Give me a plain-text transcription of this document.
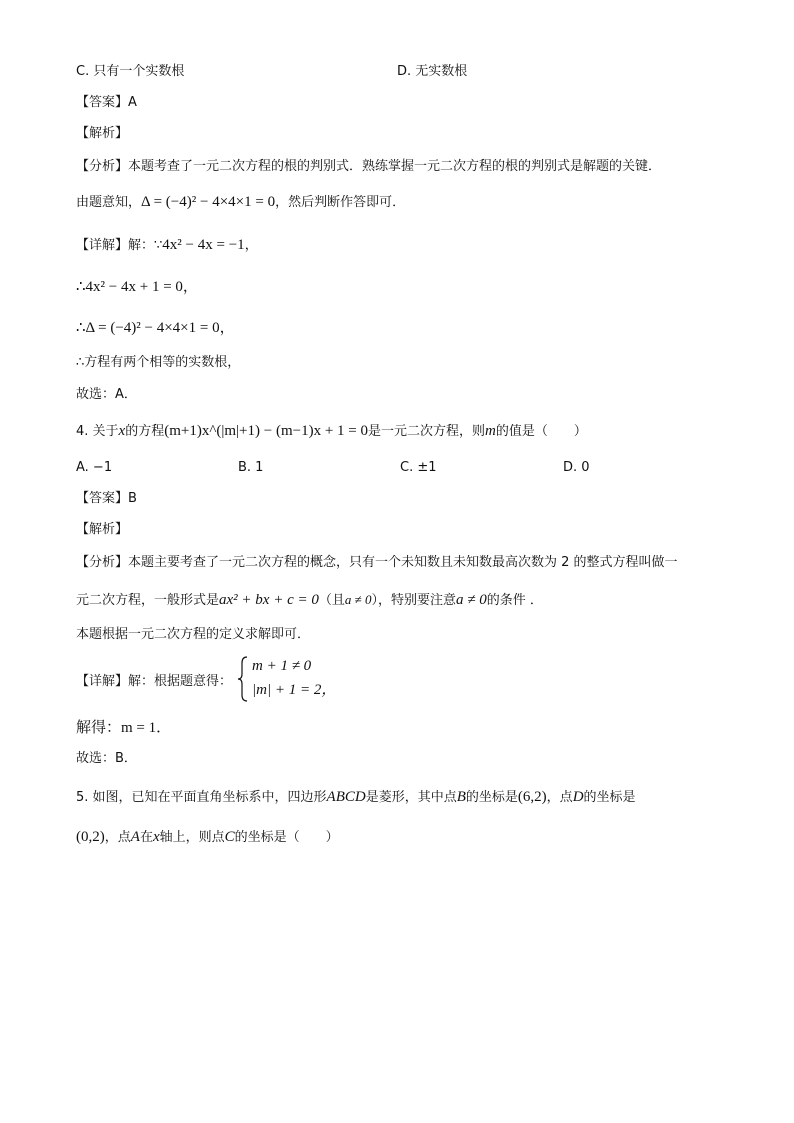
C. 只有一个实数根	D. 无实数根
【答案】A
【解析】
【分析】本题考查了一元二次方程的根的判别式．熟练掌握一元二次方程的根的判别式是解题的关键．
由题意知，Δ = (−4)² − 4×4×1 = 0，然后判断作答即可．
【详解】解：∵4x² − 4x = −1，
∴4x² − 4x + 1 = 0，
∴Δ = (−4)² − 4×4×1 = 0，
∴方程有两个相等的实数根，
故选：A．
4. 关于x的方程(m+1)x^(|m|+1) − (m−1)x + 1 = 0是一元二次方程，则m的值是（　　）
A. −1	B. 1	C. ±1	D. 0
【答案】B
【解析】
【分析】本题主要考查了一元二次方程的概念，只有一个未知数且未知数最高次数为 2 的整式方程叫做一
元二次方程，一般形式是ax² + bx + c = 0（且a ≠ 0），特别要注意a ≠ 0的条件 ．
本题根据一元二次方程的定义求解即可．
【详解】解：根据题意得：
m + 1 ≠ 0
|m| + 1 = 2，
解得：m = 1．
故选：B．
5. 如图，已知在平面直角坐标系中，四边形ABCD是菱形，其中点B的坐标是(6,2)，点D的坐标是
(0,2)，点A在x轴上，则点C的坐标是（　　）
